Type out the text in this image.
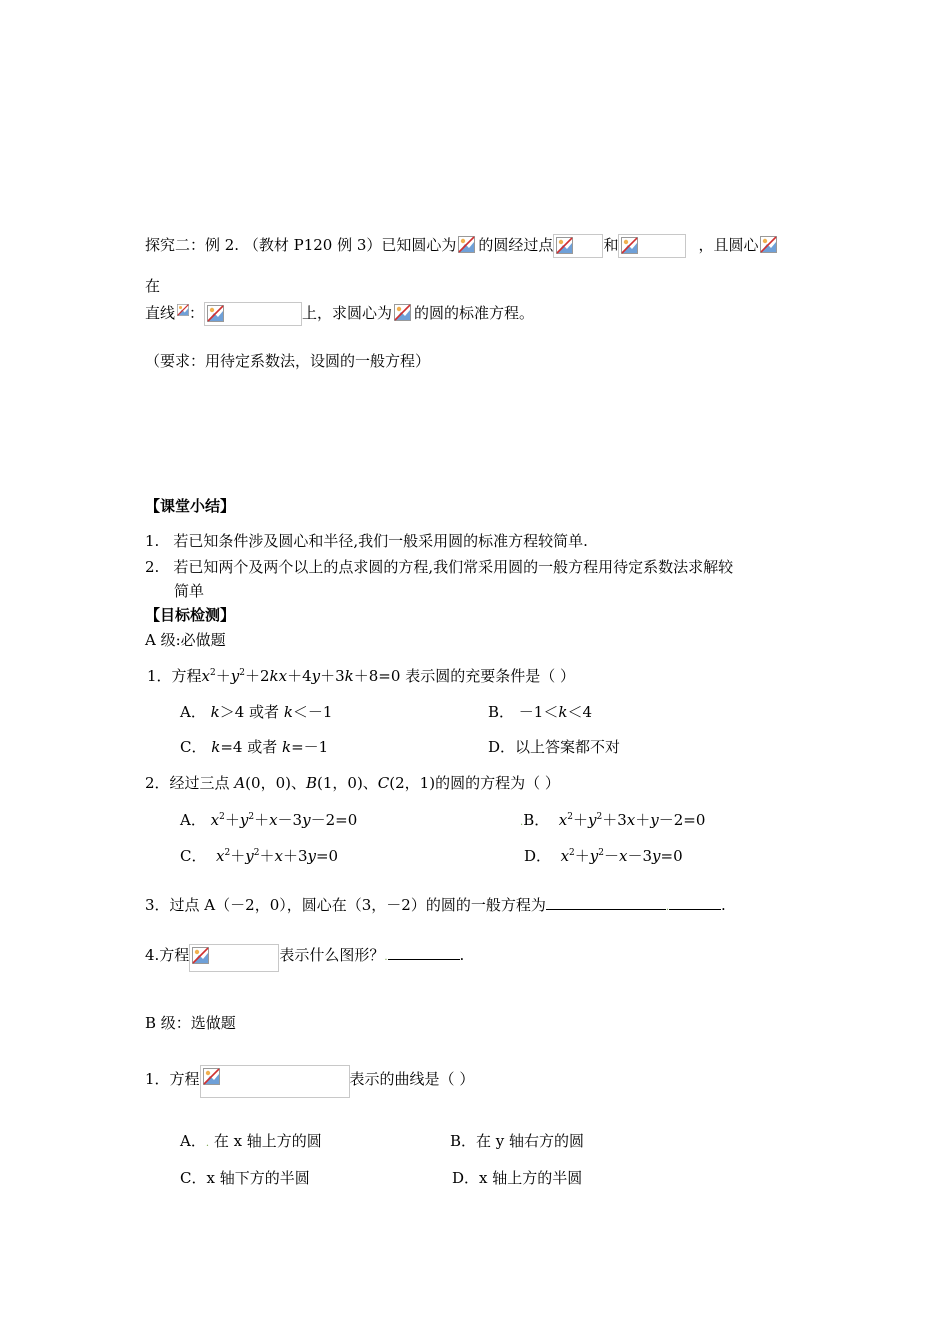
探究二：例 2. （教材 P120 例 3）已知圆心为 的圆经过点	和	，且圆心
在
直线 ：	上，求圆心为 的圆的标准方程。
（要求：用待定系数法，设圆的一般方程）
【课堂小结】
1. 若已知条件涉及圆心和半径,我们一般采用圆的标准方程较简单.
2. 若已知两个及两个以上的点求圆的方程,我们常采用圆的一般方程用待定系数法求解较
简单
【目标检测】
A 级:必做题
1．方程$x^2+y^2+2kx+4y+3k+8=0$ 表示圆的充要条件是（ ）
A． k＞4 或者 k＜－1	B． －1＜k＜4
C． k=4 或者 k=－1	D．以上答案都不对
2．经过三点 A(0，0)、B(1，0)、C(2，1)的圆的方程为（ ）
A． $x^2+y^2+x-3y-2=0$	.B． $x^2+y^2+3x+y-2=0$
C． $x^2+y^2+x+3y=0$	D． $x^2+y^2-x-3y=0$
3．过点 A（－2，0），圆心在（3，－2）的圆的一般方程为	.	.
4.方程	表示什么图形？.	.
B 级：选做题
1．方程	表示的曲线是（ ）
A．. 在 x 轴上方的圆	B．在 y 轴右方的圆
C．x 轴下方的半圆	D．x 轴上方的半圆
